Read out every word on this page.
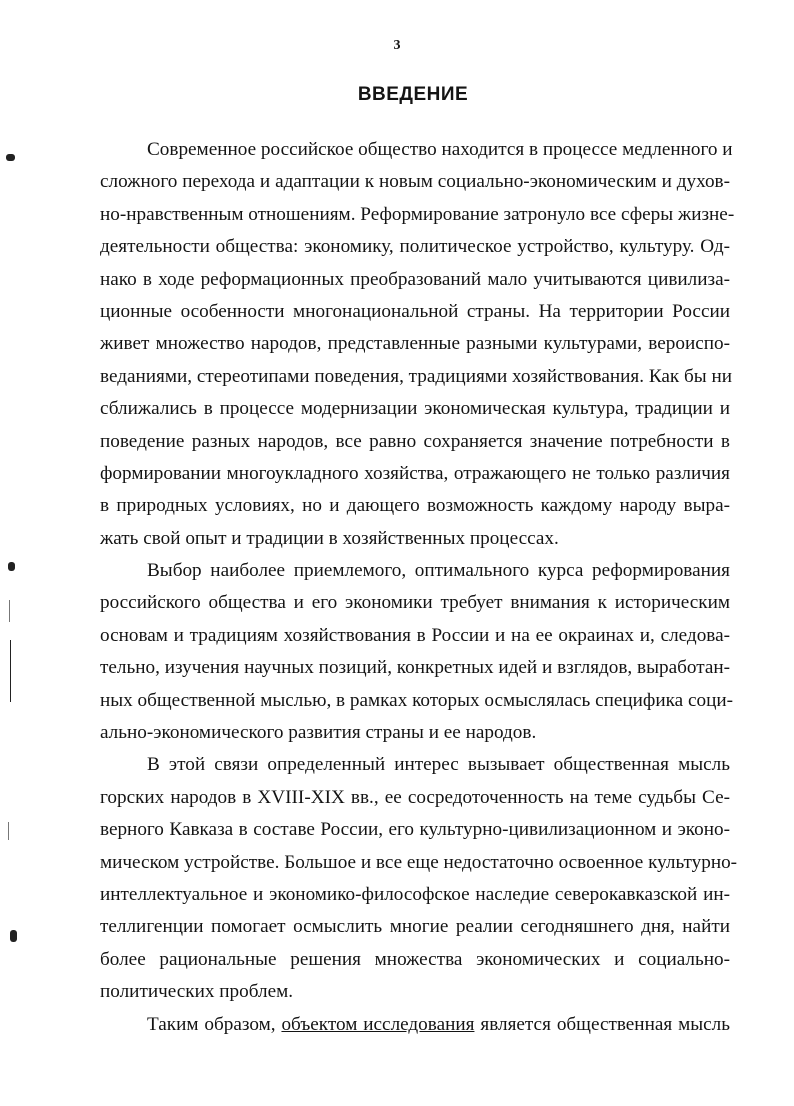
3
ВВЕДЕНИЕ
Современное российское общество находится в процессе медленного и
сложного перехода и адаптации к новым социально-экономическим и духов-
но-нравственным отношениям. Реформирование затронуло все сферы жизне-
деятельности общества: экономику, политическое устройство, культуру. Од-
нако в ходе реформационных преобразований мало учитываются цивилиза-
ционные особенности многонациональной страны. На территории России
живет множество народов, представленные разными культурами, вероиспо-
веданиями, стереотипами поведения, традициями хозяйствования. Как бы ни
сближались в процессе модернизации экономическая культура, традиции и
поведение разных народов, все равно сохраняется значение потребности в
формировании многоукладного хозяйства, отражающего не только различия
в природных условиях, но и дающего возможность каждому народу выра-
жать свой опыт и традиции в хозяйственных процессах.
Выбор наиболее приемлемого, оптимального курса реформирования
российского общества и его экономики требует внимания к историческим
основам и традициям хозяйствования в России и на ее окраинах и, следова-
тельно, изучения научных позиций, конкретных идей и взглядов, выработан-
ных общественной мыслью, в рамках которых осмыслялась специфика соци-
ально-экономического развития страны и ее народов.
В этой связи определенный интерес вызывает общественная мысль
горских народов в XVIII-XIX вв., ее сосредоточенность на теме судьбы Се-
верного Кавказа в составе России, его культурно-цивилизационном и эконо-
мическом устройстве. Большое и все еще недостаточно освоенное культурно-
интеллектуальное и экономико-философское наследие северокавказской ин-
теллигенции помогает осмыслить многие реалии сегодняшнего дня, найти
более рациональные решения множества экономических и социально-
политических проблем.
Таким образом, объектом исследования является общественная мысль
